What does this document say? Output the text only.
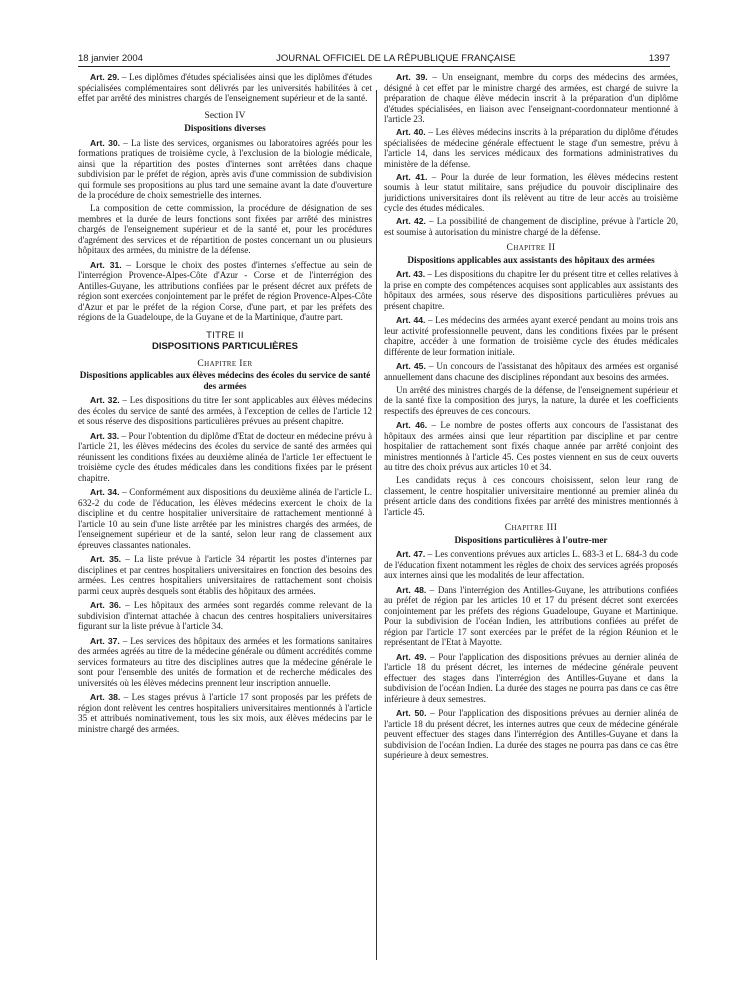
18 janvier 2004	JOURNAL OFFICIEL DE LA RÉPUBLIQUE FRANÇAISE	1397

Art. 29. – Les diplômes d'études spécialisées ainsi que les diplômes d'études spécialisées complémentaires sont délivrés par les universités habilitées à cet effet par arrêté des ministres chargés de l'enseignement supérieur et de la santé.

Section IV
Dispositions diverses

Art. 30. – La liste des services, organismes ou laboratoires agréés pour les formations pratiques de troisième cycle, à l'exclusion de la biologie médicale, ainsi que la répartition des postes d'internes sont arrêtées dans chaque subdivision par le préfet de région, après avis d'une commission de subdivision qui formule ses propositions au plus tard une semaine avant la date d'ouverture de la procédure de choix semestrielle des internes.

La composition de cette commission, la procédure de désignation de ses membres et la durée de leurs fonctions sont fixées par arrêté des ministres chargés de l'enseignement supérieur et de la santé et, pour les procédures d'agrément des services et de répartition de postes concernant un ou plusieurs hôpitaux des armées, du ministre de la défense.

Art. 31. – Lorsque le choix des postes d'internes s'effectue au sein de l'interrégion Provence-Alpes-Côte d'Azur - Corse et de l'interrégion des Antilles-Guyane, les attributions confiées par le présent décret aux préfets de région sont exercées conjointement par le préfet de région Provence-Alpes-Côte d'Azur et par le préfet de la région Corse, d'une part, et par les préfets des régions de la Guadeloupe, de la Guyane et de la Martinique, d'autre part.

TITRE II
DISPOSITIONS PARTICULIÈRES
Chapitre Ier
Dispositions applicables aux élèves médecins des écoles du service de santé des armées

Art. 32. – Les dispositions du titre Ier sont applicables aux élèves médecins des écoles du service de santé des armées, à l'exception de celles de l'article 12 et sous réserve des dispositions particulières prévues au présent chapitre.

Art. 33. – Pour l'obtention du diplôme d'Etat de docteur en médecine prévu à l'article 21, les élèves médecins des écoles du service de santé des armées qui réunissent les conditions fixées au deuxième alinéa de l'article 1er effectuent le troisième cycle des études médicales dans les conditions fixées par le présent chapitre.

Art. 34. – Conformément aux dispositions du deuxième alinéa de l'article L. 632-2 du code de l'éducation, les élèves médecins exercent le choix de la discipline et du centre hospitalier universitaire de rattachement mentionné à l'article 10 au sein d'une liste arrêtée par les ministres chargés des armées, de l'enseignement supérieur et de la santé, selon leur rang de classement aux épreuves classantes nationales.

Art. 35. – La liste prévue à l'article 34 répartit les postes d'internes par disciplines et par centres hospitaliers universitaires en fonction des besoins des armées. Les centres hospitaliers universitaires de rattachement sont choisis parmi ceux auprès desquels sont établis des hôpitaux des armées.

Art. 36. – Les hôpitaux des armées sont regardés comme relevant de la subdivision d'internat attachée à chacun des centres hospitaliers universitaires figurant sur la liste prévue à l'article 34.

Art. 37. – Les services des hôpitaux des armées et les formations sanitaires des armées agréés au titre de la médecine générale ou dûment accrédités comme services formateurs au titre des disciplines autres que la médecine générale le sont pour l'ensemble des unités de formation et de recherche médicales des universités où les élèves médecins prennent leur inscription annuelle.

Art. 38. – Les stages prévus à l'article 17 sont proposés par les préfets de région dont relèvent les centres hospitaliers universitaires mentionnés à l'article 35 et attribués nominativement, tous les six mois, aux élèves médecins par le ministre chargé des armées.

Art. 39. – Un enseignant, membre du corps des médecins des armées, désigné à cet effet par le ministre chargé des armées, est chargé de suivre la préparation de chaque élève médecin inscrit à la préparation d'un diplôme d'études spécialisées, en liaison avec l'enseignant-coordonnateur mentionné à l'article 23.

Art. 40. – Les élèves médecins inscrits à la préparation du diplôme d'études spécialisées de médecine générale effectuent le stage d'un semestre, prévu à l'article 14, dans les services médicaux des formations administratives du ministère de la défense.

Art. 41. – Pour la durée de leur formation, les élèves médecins restent soumis à leur statut militaire, sans préjudice du pouvoir disciplinaire des juridictions universitaires dont ils relèvent au titre de leur accès au troisième cycle des études médicales.

Art. 42. – La possibilité de changement de discipline, prévue à l'article 20, est soumise à autorisation du ministre chargé de la défense.

Chapitre II
Dispositions applicables aux assistants des hôpitaux des armées

Art. 43. – Les dispositions du chapitre Ier du présent titre et celles relatives à la prise en compte des compétences acquises sont applicables aux assistants des hôpitaux des armées, sous réserve des dispositions particulières prévues au présent chapitre.

Art. 44. – Les médecins des armées ayant exercé pendant au moins trois ans leur activité professionnelle peuvent, dans les conditions fixées par le présent chapitre, accéder à une formation de troisième cycle des études médicales différente de leur formation initiale.

Art. 45. – Un concours de l'assistanat des hôpitaux des armées est organisé annuellement dans chacune des disciplines répondant aux besoins des armées.

Un arrêté des ministres chargés de la défense, de l'enseignement supérieur et de la santé fixe la composition des jurys, la nature, la durée et les coefficients respectifs des épreuves de ces concours.

Art. 46. – Le nombre de postes offerts aux concours de l'assistanat des hôpitaux des armées ainsi que leur répartition par discipline et par centre hospitalier de rattachement sont fixés chaque année par arrêté conjoint des ministres mentionnés à l'article 45. Ces postes viennent en sus de ceux ouverts au titre des choix prévus aux articles 10 et 34.

Les candidats reçus à ces concours choisissent, selon leur rang de classement, le centre hospitalier universitaire mentionné au premier alinéa du présent article dans des conditions fixées par arrêté des ministres mentionnés à l'article 45.

Chapitre III
Dispositions particulières à l'outre-mer

Art. 47. – Les conventions prévues aux articles L. 683-3 et L. 684-3 du code de l'éducation fixent notamment les règles de choix des services agréés proposés aux internes ainsi que les modalités de leur affectation.

Art. 48. – Dans l'interrégion des Antilles-Guyane, les attributions confiées au préfet de région par les articles 10 et 17 du présent décret sont exercées conjointement par les préfets des régions Guadeloupe, Guyane et Martinique. Pour la subdivision de l'océan Indien, les attributions confiées au préfet de région par l'article 17 sont exercées par le préfet de la région Réunion et le représentant de l'Etat à Mayotte.

Art. 49. – Pour l'application des dispositions prévues au dernier alinéa de l'article 18 du présent décret, les internes de médecine générale peuvent effectuer des stages dans l'interrégion des Antilles-Guyane et dans la subdivision de l'océan Indien. La durée des stages ne pourra pas dans ce cas être inférieure à deux semestres.

Art. 50. – Pour l'application des dispositions prévues au dernier alinéa de l'article 18 du présent décret, les internes autres que ceux de médecine générale peuvent effectuer des stages dans l'interrégion des Antilles-Guyane et dans la subdivision de l'océan Indien. La durée des stages ne pourra pas dans ce cas être supérieure à deux semestres.
